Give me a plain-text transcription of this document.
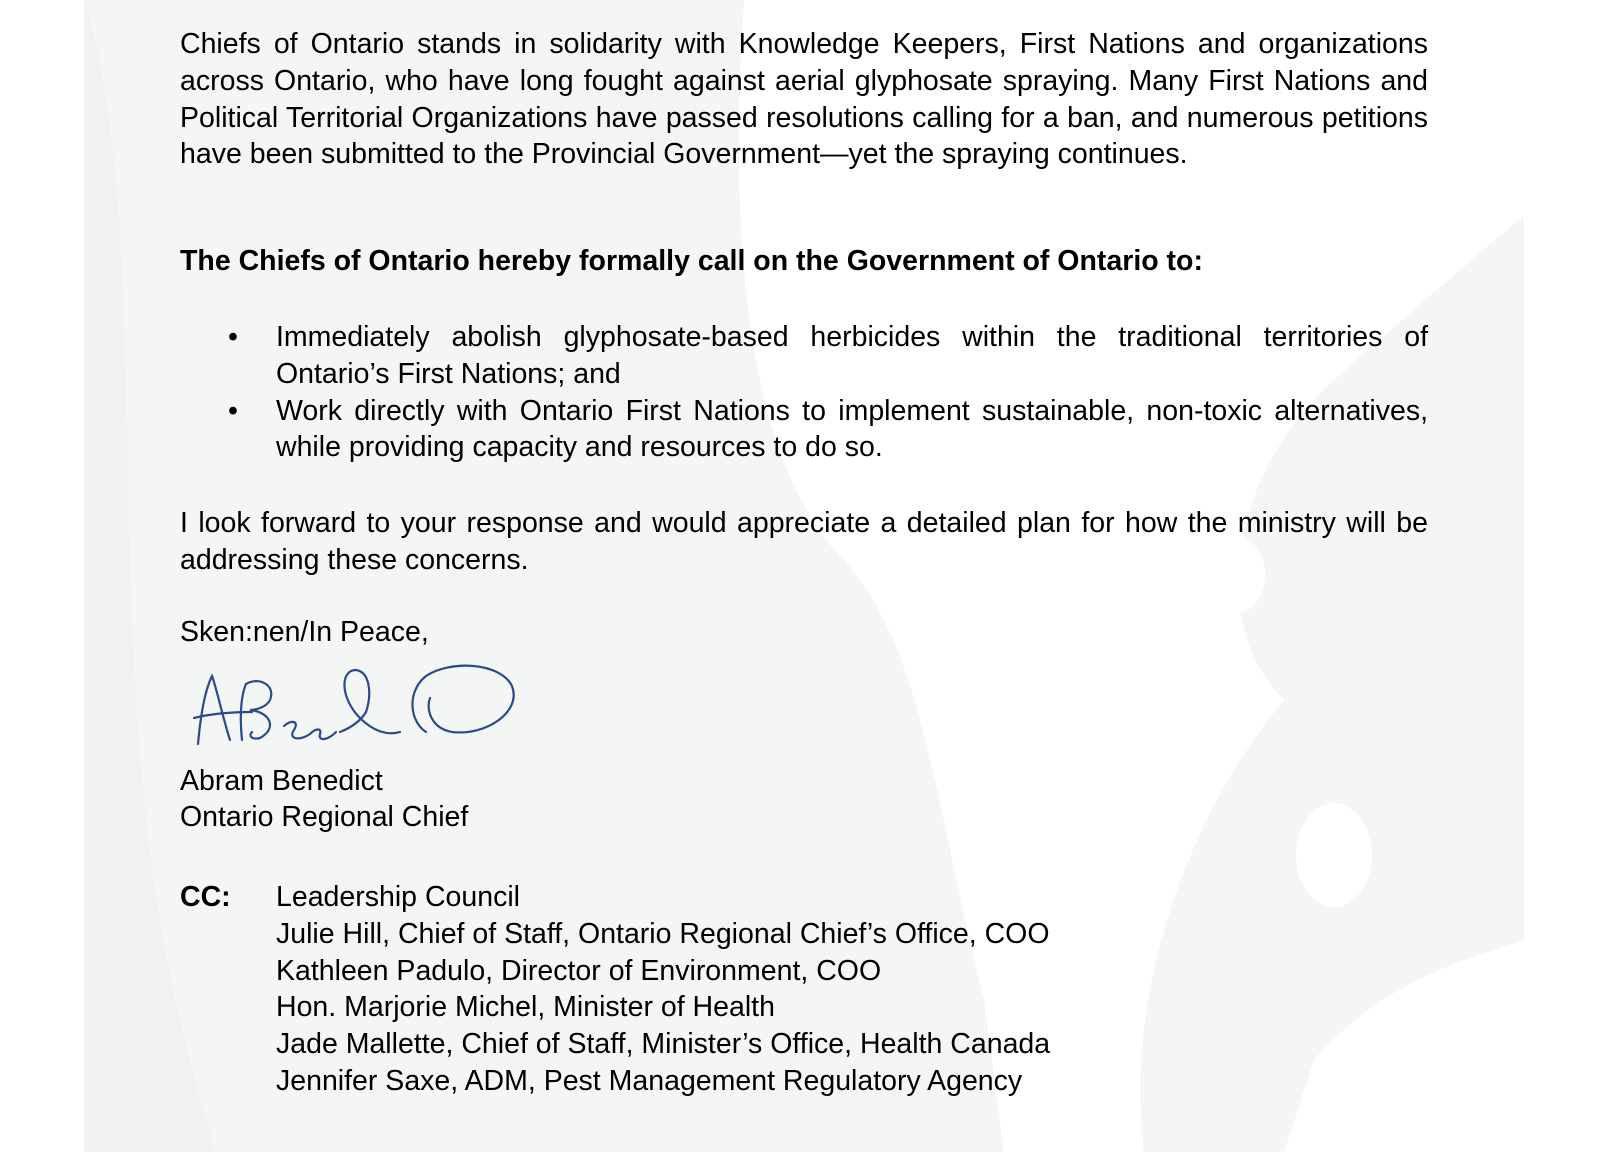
Chiefs of Ontario stands in solidarity with Knowledge Keepers, First Nations and organizations across Ontario, who have long fought against aerial glyphosate spraying. Many First Nations and Political Territorial Organizations have passed resolutions calling for a ban, and numerous petitions have been submitted to the Provincial Government—yet the spraying continues.
The Chiefs of Ontario hereby formally call on the Government of Ontario to:
• Immediately abolish glyphosate-based herbicides within the traditional territories of Ontario’s First Nations; and
• Work directly with Ontario First Nations to implement sustainable, non-toxic alternatives, while providing capacity and resources to do so.
I look forward to your response and would appreciate a detailed plan for how the ministry will be addressing these concerns.
Sken:nen/In Peace,
Abram Benedict
Ontario Regional Chief
CC: Leadership Council
Julie Hill, Chief of Staff, Ontario Regional Chief’s Office, COO
Kathleen Padulo, Director of Environment, COO
Hon. Marjorie Michel, Minister of Health
Jade Mallette, Chief of Staff, Minister’s Office, Health Canada
Jennifer Saxe, ADM, Pest Management Regulatory Agency
